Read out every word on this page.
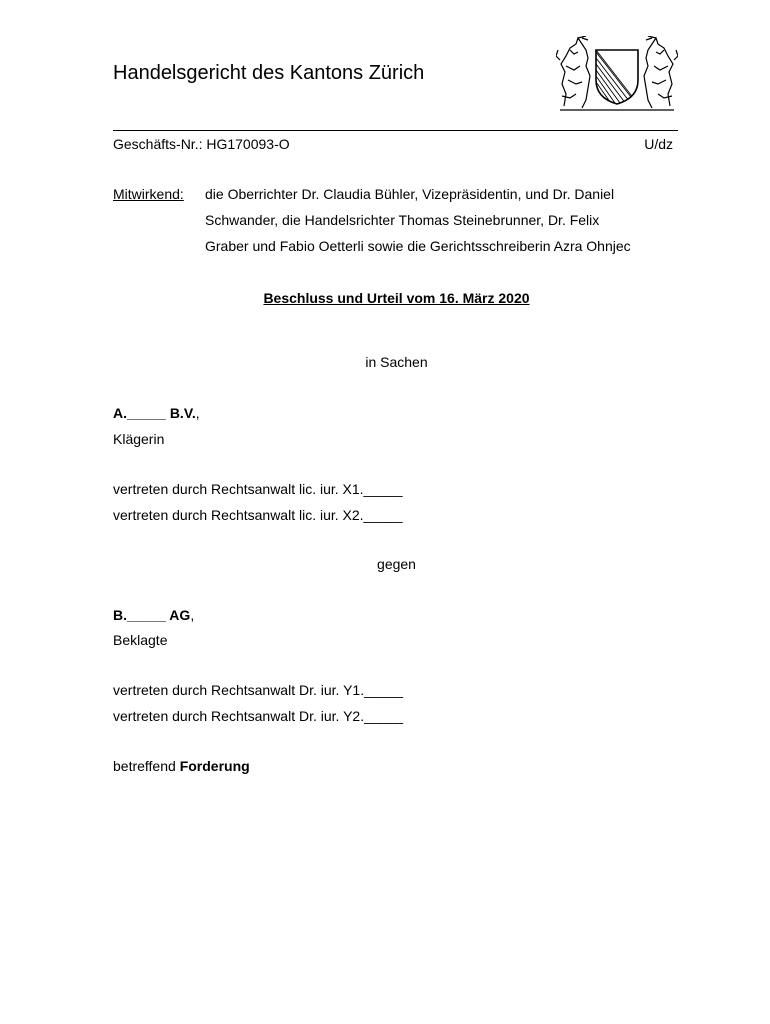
Handelsgericht des Kantons Zürich
Geschäfts-Nr.: HG170093-O	U/dz
Mitwirkend: die Oberrichter Dr. Claudia Bühler, Vizepräsidentin, und Dr. Daniel
Schwander, die Handelsrichter Thomas Steinebrunner, Dr. Felix
Graber und Fabio Oetterli sowie die Gerichtsschreiberin Azra Ohnjec
Beschluss und Urteil vom 16. März 2020
in Sachen
A._____ B.V.,
Klägerin
vertreten durch Rechtsanwalt lic. iur. X1._____
vertreten durch Rechtsanwalt lic. iur. X2._____
gegen
B._____ AG,
Beklagte
vertreten durch Rechtsanwalt Dr. iur. Y1._____
vertreten durch Rechtsanwalt Dr. iur. Y2._____
betreffend Forderung
